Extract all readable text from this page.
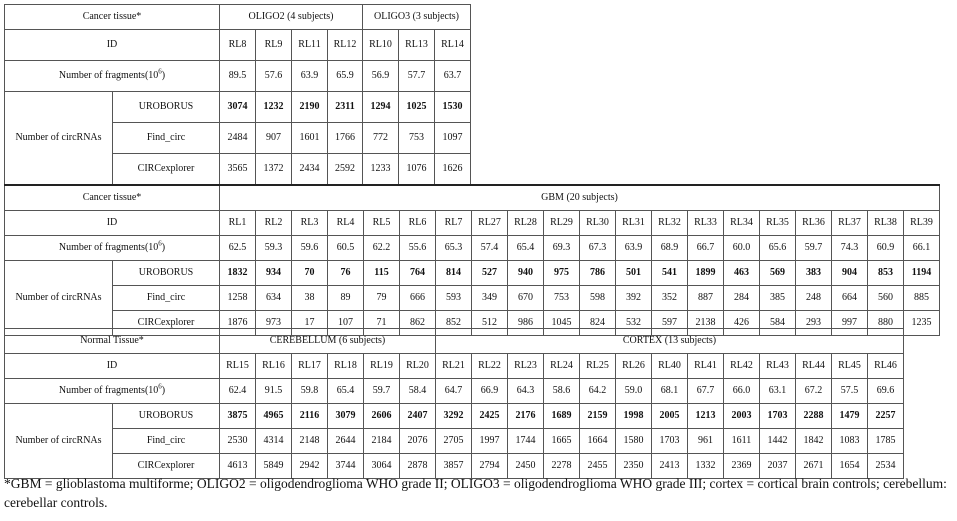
Cancer tissue*		OLIGO2 (4 subjects)				OLIGO3 (3 subjects)		
ID		RL8	RL9	RL11	RL12	RL10	RL13	RL14
Number of $fragments(10^6)$		89.5	57.6	63.9	65.9	56.9	57.7	63.7
Number of circRNAs	UROBORUS	3074	1232	2190	2311	1294	1025	1530
	Find_circ	2484	907	1601	1766	772	753	1097
	CIRCexplorer	3565	1372	2434	2592	1233	1076	1626
Cancer tissue*		GBM (20 subjects)																			
ID		RL1	RL2	RL3	RL4	RL5	RL6	RL7	RL27	RL28	RL29	RL30	RL31	RL32	RL33	RL34	RL35	RL36	RL37	RL38	RL39
Number of $fragments(10^6)$		62.5	59.3	59.6	60.5	62.2	55.6	65.3	57.4	65.4	69.3	67.3	63.9	68.9	66.7	60.0	65.6	59.7	74.3	60.9	66.1
Number of circRNAs	UROBORUS	1832	934	70	76	115	764	814	527	940	975	786	501	541	1899	463	569	383	904	853	1194
	Find_circ	1258	634	38	89	79	666	593	349	670	753	598	392	352	887	284	385	248	664	560	885
	CIRCexplorer	1876	973	17	107	71	862	852	512	986	1045	824	532	597	2138	426	584	293	997	880	1235
Normal Tissue*		CEREBELLUM (6 subjects)						CORTEX (13 subjects)												
ID		RL15	RL16	RL17	RL18	RL19	RL20	RL21	RL22	RL23	RL24	RL25	RL26	RL40	RL41	RL42	RL43	RL44	RL45	RL46
Number of $fragments(10^6)$		62.4	91.5	59.8	65.4	59.7	58.4	64.7	66.9	64.3	58.6	64.2	59.0	68.1	67.7	66.0	63.1	67.2	57.5	69.6
Number of circRNAs	UROBORUS	3875	4965	2116	3079	2606	2407	3292	2425	2176	1689	2159	1998	2005	1213	2003	1703	2288	1479	2257
	Find_circ	2530	4314	2148	2644	2184	2076	2705	1997	1744	1665	1664	1580	1703	961	1611	1442	1842	1083	1785
	CIRCexplorer	4613	5849	2942	3744	3064	2878	3857	2794	2450	2278	2455	2350	2413	1332	2369	2037	2671	1654	2534
*GBM = glioblastoma multiforme; OLIGO2 = oligodendroglioma WHO grade II; OLIGO3 = oligodendroglioma WHO grade III; cortex = cortical brain controls; cerebellum: cerebellar controls.
